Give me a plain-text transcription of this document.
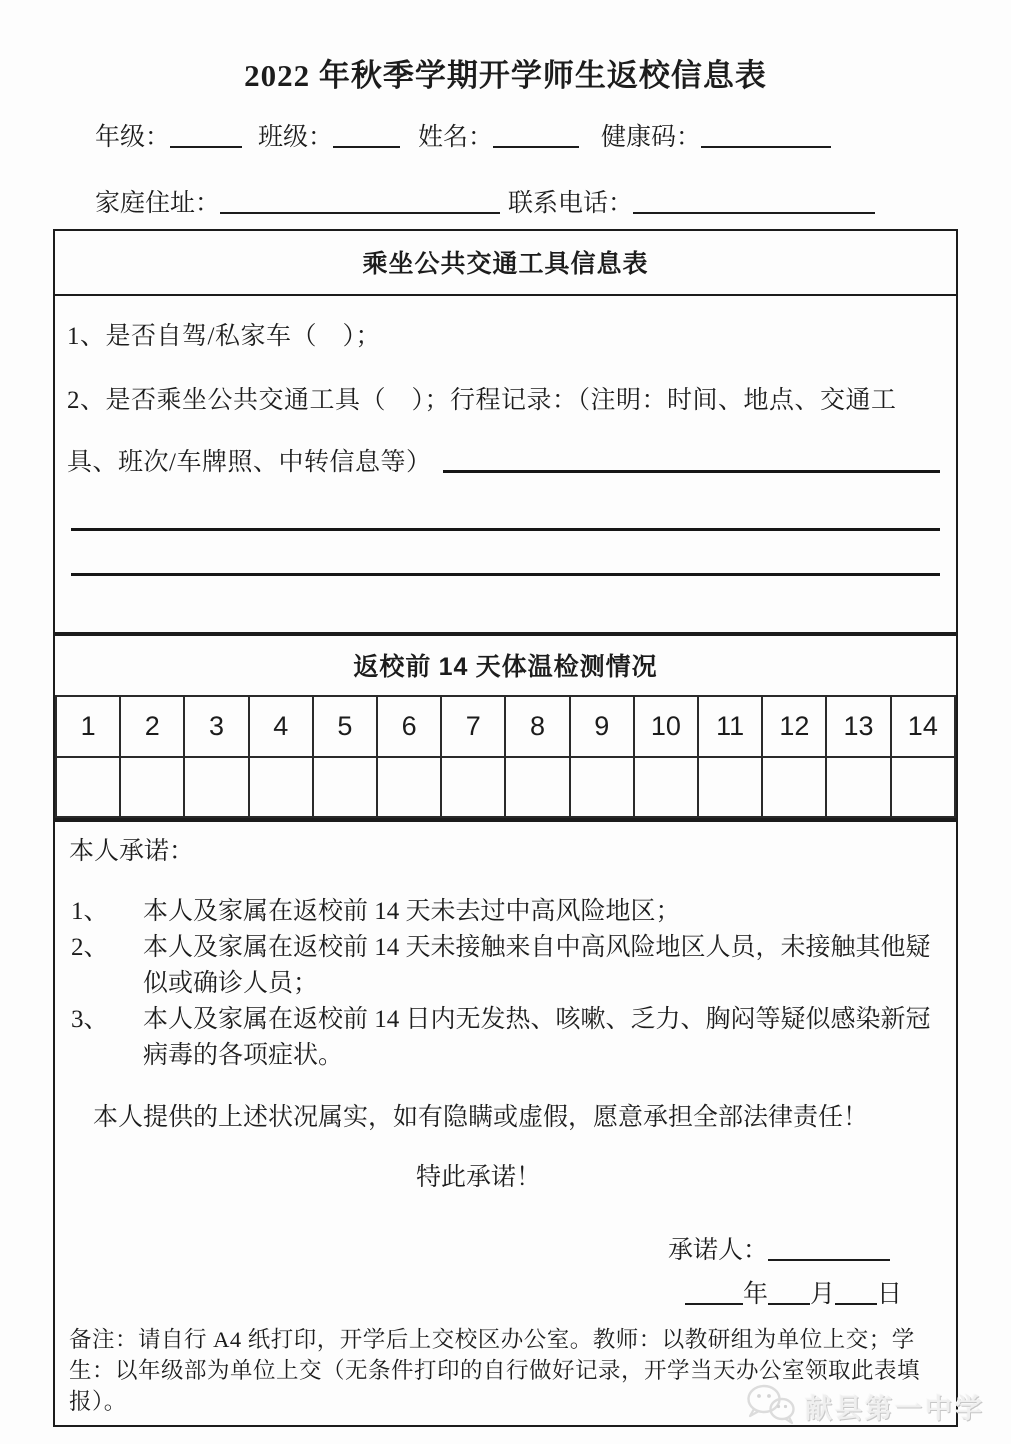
2022 年秋季学期开学师生返校信息表
年级：	班级：	姓名：	健康码：
家庭住址：	联系电话：
乘坐公共交通工具信息表
1、是否自驾/私家车（　）；
2、是否乘坐公共交通工具（　）；行程记录：（注明：时间、地点、交通工
具、班次/车牌照、中转信息等）
返校前 14 天体温检测情况
1	2	3	4	5	6	7	8	9	10	11	12	13	14

本人承诺：
1、	本人及家属在返校前 14 天未去过中高风险地区；
2、	本人及家属在返校前 14 天未接触来自中高风险地区人员，未接触其他疑似或确诊人员；
3、	本人及家属在返校前 14 日内无发热、咳嗽、乏力、胸闷等疑似感染新冠病毒的各项症状。
本人提供的上述状况属实，如有隐瞒或虚假，愿意承担全部法律责任！
特此承诺！
承诺人：
年 月 日
备注：请自行 A4 纸打印，开学后上交校区办公室。教师：以教研组为单位上交；学生：以年级部为单位上交（无条件打印的自行做好记录，开学当天办公室领取此表填报）。	献县第一中学
